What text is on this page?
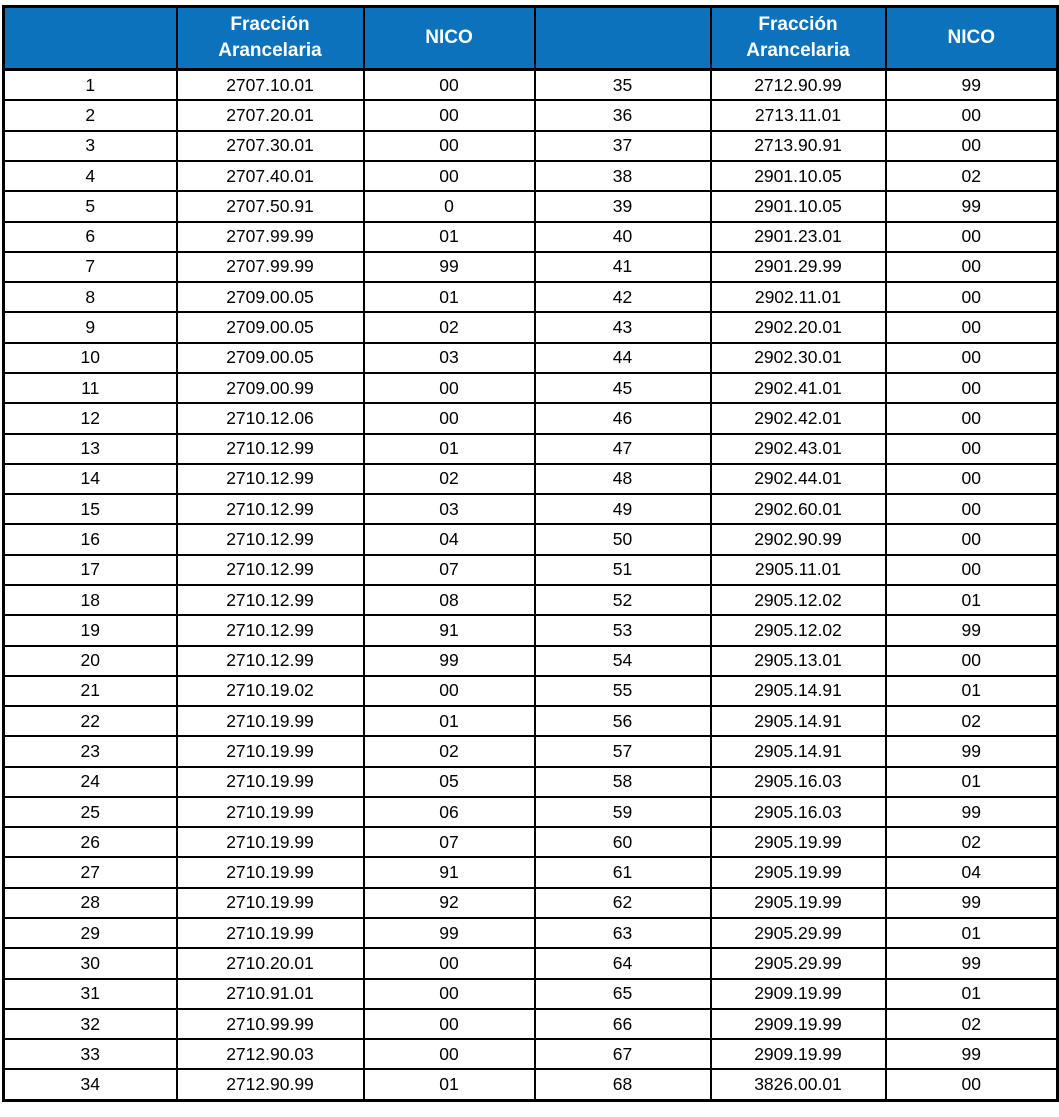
	Fracción Arancelaria	NICO		Fracción Arancelaria	NICO
1	2707.10.01	00	35	2712.90.99	99
2	2707.20.01	00	36	2713.11.01	00
3	2707.30.01	00	37	2713.90.91	00
4	2707.40.01	00	38	2901.10.05	02
5	2707.50.91	0	39	2901.10.05	99
6	2707.99.99	01	40	2901.23.01	00
7	2707.99.99	99	41	2901.29.99	00
8	2709.00.05	01	42	2902.11.01	00
9	2709.00.05	02	43	2902.20.01	00
10	2709.00.05	03	44	2902.30.01	00
11	2709.00.99	00	45	2902.41.01	00
12	2710.12.06	00	46	2902.42.01	00
13	2710.12.99	01	47	2902.43.01	00
14	2710.12.99	02	48	2902.44.01	00
15	2710.12.99	03	49	2902.60.01	00
16	2710.12.99	04	50	2902.90.99	00
17	2710.12.99	07	51	2905.11.01	00
18	2710.12.99	08	52	2905.12.02	01
19	2710.12.99	91	53	2905.12.02	99
20	2710.12.99	99	54	2905.13.01	00
21	2710.19.02	00	55	2905.14.91	01
22	2710.19.99	01	56	2905.14.91	02
23	2710.19.99	02	57	2905.14.91	99
24	2710.19.99	05	58	2905.16.03	01
25	2710.19.99	06	59	2905.16.03	99
26	2710.19.99	07	60	2905.19.99	02
27	2710.19.99	91	61	2905.19.99	04
28	2710.19.99	92	62	2905.19.99	99
29	2710.19.99	99	63	2905.29.99	01
30	2710.20.01	00	64	2905.29.99	99
31	2710.91.01	00	65	2909.19.99	01
32	2710.99.99	00	66	2909.19.99	02
33	2712.90.03	00	67	2909.19.99	99
34	2712.90.99	01	68	3826.00.01	00
